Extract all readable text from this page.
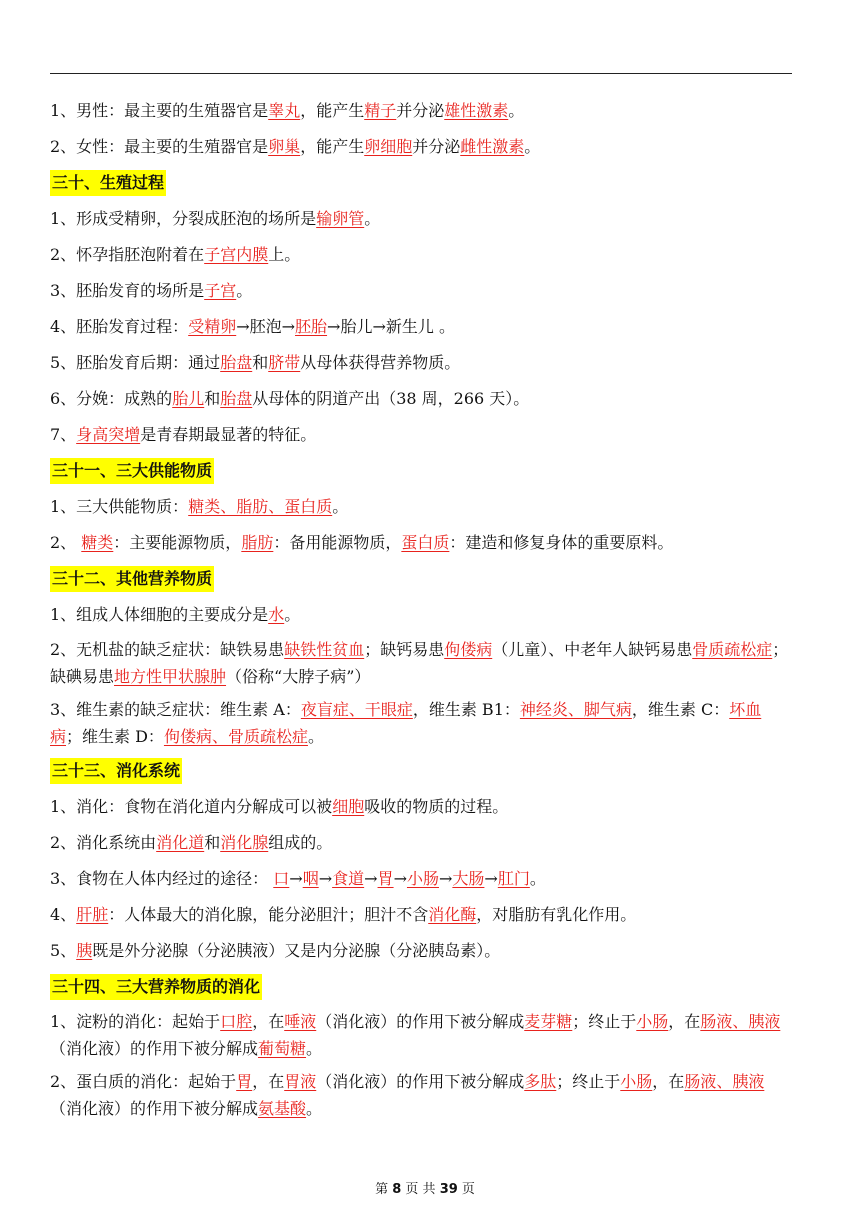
1、男性：最主要的生殖器官是睾丸，能产生精子并分泌雄性激素。
2、女性：最主要的生殖器官是卵巢，能产生卵细胞并分泌雌性激素。
三十、生殖过程
1、形成受精卵，分裂成胚泡的场所是输卵管。
2、怀孕指胚泡附着在子宫内膜上。
3、胚胎发育的场所是子宫。
4、胚胎发育过程：受精卵→胚泡→胚胎→胎儿→新生儿 。
5、胚胎发育后期：通过胎盘和脐带从母体获得营养物质。
6、分娩：成熟的胎儿和胎盘从母体的阴道产出（38 周，266 天）。
7、身高突增是青春期最显著的特征。
三十一、三大供能物质
1、三大供能物质：糖类、脂肪、蛋白质。
2、 糖类：主要能源物质，脂肪：备用能源物质，蛋白质：建造和修复身体的重要原料。
三十二、其他营养物质
1、组成人体细胞的主要成分是水。
2、无机盐的缺乏症状：缺铁易患缺铁性贫血；缺钙易患佝偻病（儿童）、中老年人缺钙易患骨质疏松症；缺碘易患地方性甲状腺肿（俗称“大脖子病”）
3、维生素的缺乏症状：维生素 A：夜盲症、干眼症，维生素 B1：神经炎、脚气病，维生素 C：坏血病；维生素 D：佝偻病、骨质疏松症。
三十三、消化系统
1、消化：食物在消化道内分解成可以被细胞吸收的物质的过程。
2、消化系统由消化道和消化腺组成的。
3、食物在人体内经过的途径： 口→咽→食道→胃→小肠→大肠→肛门。
4、肝脏：人体最大的消化腺，能分泌胆汁；胆汁不含消化酶，对脂肪有乳化作用。
5、胰既是外分泌腺（分泌胰液）又是内分泌腺（分泌胰岛素）。
三十四、三大营养物质的消化
1、淀粉的消化：起始于口腔，在唾液（消化液）的作用下被分解成麦芽糖；终止于小肠，在肠液、胰液（消化液）的作用下被分解成葡萄糖。
2、蛋白质的消化：起始于胃，在胃液（消化液）的作用下被分解成多肽；终止于小肠，在肠液、胰液（消化液）的作用下被分解成氨基酸。
第 8 页 共 39 页
